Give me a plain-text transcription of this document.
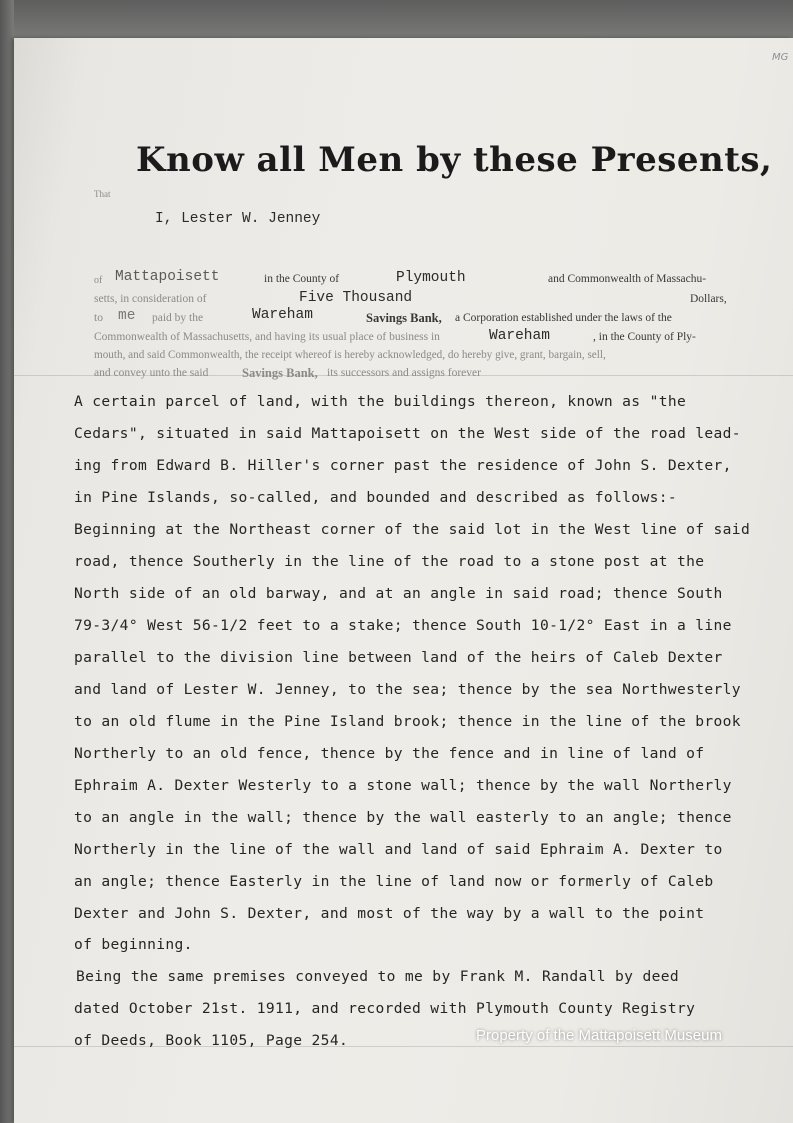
MG
Know all Men by these Presents,
That
I, Lester W. Jenney
of Mattapoisett	in the County of	Plymouth	and Commonwealth of Massachu-
setts, in consideration of	Five Thousand	Dollars,
to me paid by the	Wareham	Savings Bank, a Corporation established under the laws of the
Commonwealth of Massachusetts, and having its usual place of business in	Wareham	, in the County of Ply-
mouth, and said Commonwealth, the receipt whereof is hereby acknowledged, do hereby give, grant, bargain, sell,
and convey unto the said	Savings Bank, its successors and assigns forever
A certain parcel of land, with the buildings thereon, known as "the
Cedars", situated in said Mattapoisett on the West side of the road lead-
ing from Edward B. Hiller's corner past the residence of John S. Dexter,
in Pine Islands, so-called, and bounded and described as follows:-
Beginning at the Northeast corner of the said lot in the West line of said
road, thence Southerly in the line of the road to a stone post at the
North side of an old barway, and at an angle in said road; thence South
79-3/4° West 56-1/2 feet to a stake; thence South 10-1/2° East in a line
parallel to the division line between land of the heirs of Caleb Dexter
and land of Lester W. Jenney, to the sea; thence by the sea Northwesterly
to an old flume in the Pine Island brook; thence in the line of the brook
Northerly to an old fence, thence by the fence and in line of land of
Ephraim A. Dexter Westerly to a stone wall; thence by the wall Northerly
to an angle in the wall; thence by the wall easterly to an angle; thence
Northerly in the line of the wall and land of said Ephraim A. Dexter to
an angle; thence Easterly in the line of land now or formerly of Caleb
Dexter and John S. Dexter, and most of the way by a wall to the point
of beginning.
Being the same premises conveyed to me by Frank M. Randall by deed
dated October 21st. 1911, and recorded with Plymouth County Registry
of Deeds, Book 1105, Page 254.	Property of the Mattapoisett Museum
